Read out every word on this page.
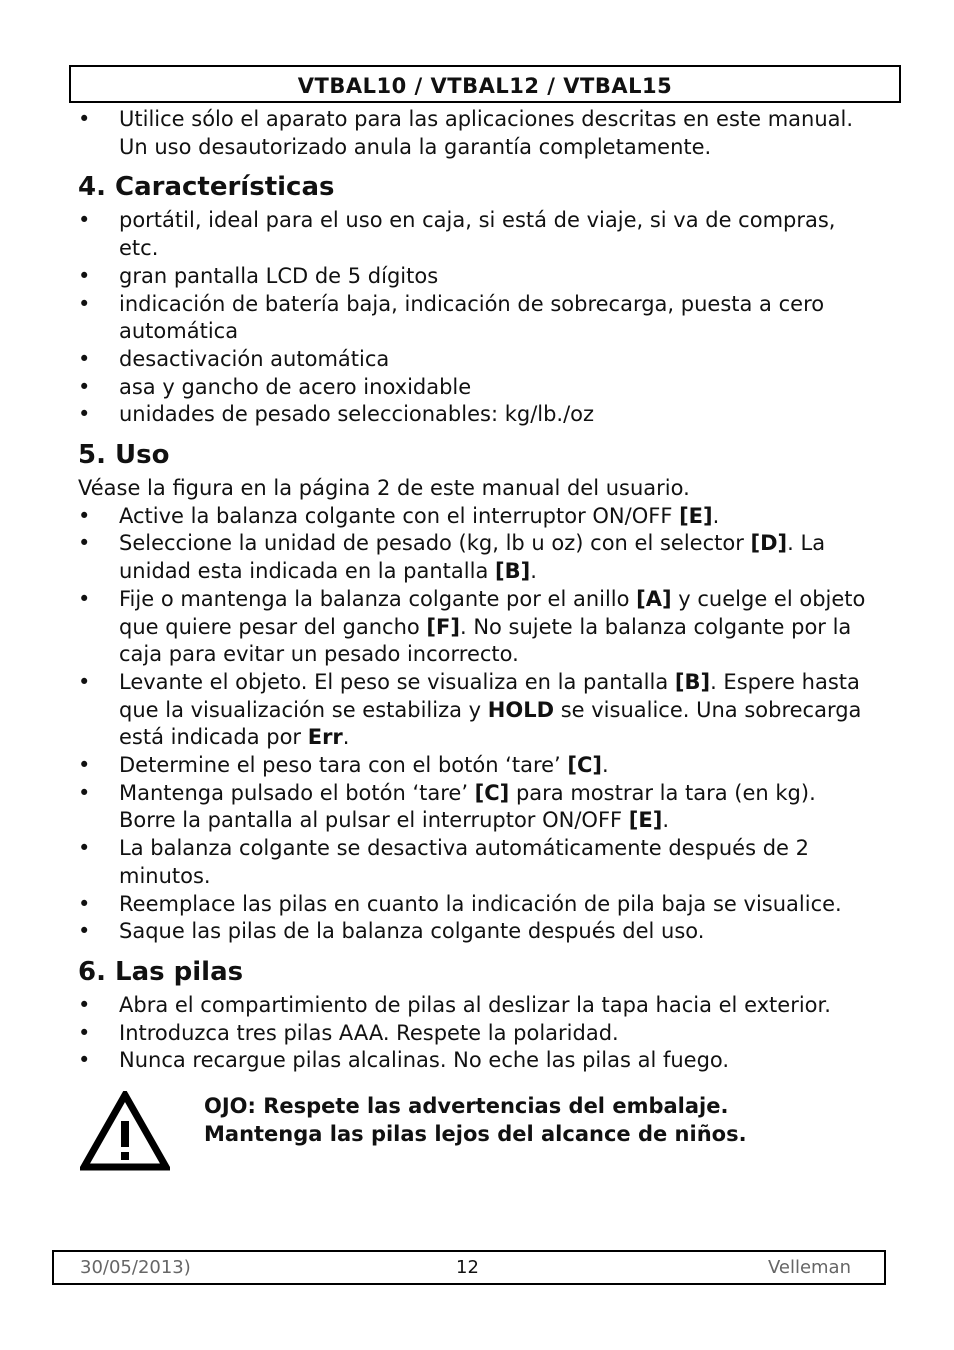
VTBAL10 / VTBAL12 / VTBAL15
•	Utilice sólo el aparato para las aplicaciones descritas en este manual. Un uso desautorizado anula la garantía completamente.
4. Características
•	portátil, ideal para el uso en caja, si está de viaje, si va de compras, etc.
•	gran pantalla LCD de 5 dígitos
•	indicación de batería baja, indicación de sobrecarga, puesta a cero automática
•	desactivación automática
•	asa y gancho de acero inoxidable
•	unidades de pesado seleccionables: kg/lb./oz
5. Uso

Véase la figura en la página 2 de este manual del usuario.

•	Active la balanza colgante con el interruptor ON/OFF [E].
•	Seleccione la unidad de pesado (kg, lb u oz) con el selector [D]. La unidad esta indicada en la pantalla [B].
•	Fije o mantenga la balanza colgante por el anillo [A] y cuelge el objeto que quiere pesar del gancho [F]. No sujete la balanza colgante por la caja para evitar un pesado incorrecto.
•	Levante el objeto. El peso se visualiza en la pantalla [B]. Espere hasta que la visualización se estabiliza y HOLD se visualice. Una sobrecarga está indicada por Err.
•	Determine el peso tara con el botón ‘tare’ [C].
•	Mantenga pulsado el botón ‘tare’ [C] para mostrar la tara (en kg). Borre la pantalla al pulsar el interruptor ON/OFF [E].
•	La balanza colgante se desactiva automáticamente después de 2 minutos.
•	Reemplace las pilas en cuanto la indicación de pila baja se visualice.
•	Saque las pilas de la balanza colgante después del uso.
6. Las pilas
•	Abra el compartimiento de pilas al deslizar la tapa hacia el exterior.
•	Introduzca tres pilas AAA. Respete la polaridad.
•	Nunca recargue pilas alcalinas. No eche las pilas al fuego.
OJO: Respete las advertencias del embalaje.
Mantenga las pilas lejos del alcance de niños.
30/05/2013)	12	Velleman
